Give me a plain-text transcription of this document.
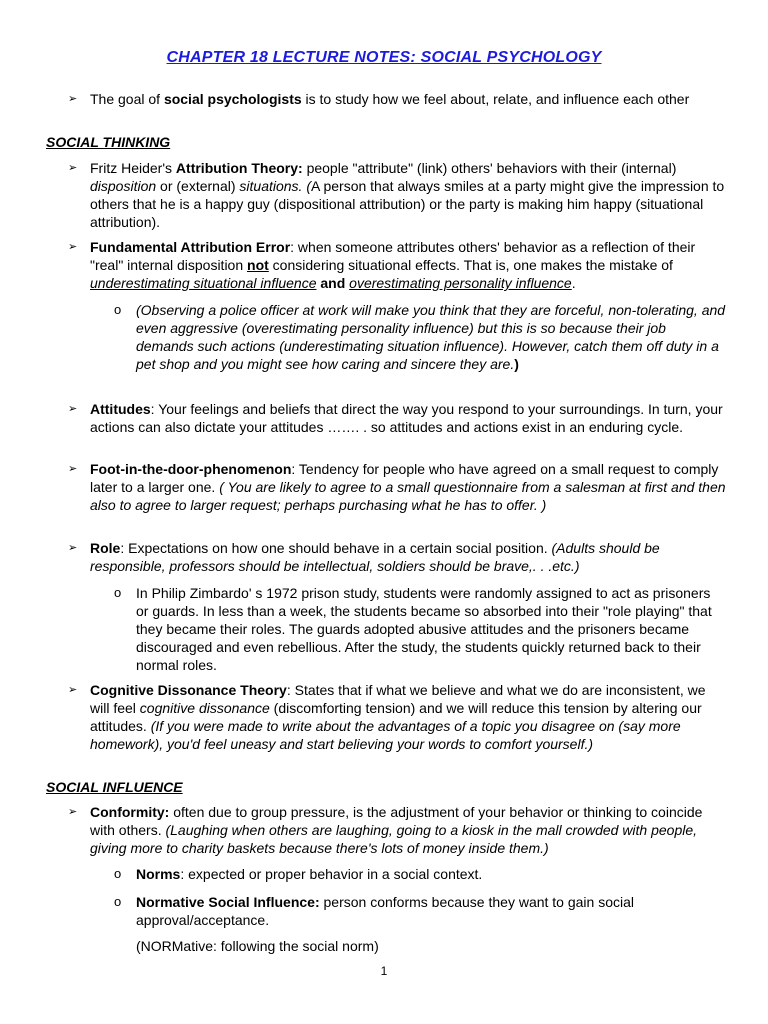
CHAPTER 18 LECTURE NOTES: SOCIAL PSYCHOLOGY
➢ The goal of social psychologists is to study how we feel about, relate, and influence each other
SOCIAL THINKING
➢ Fritz Heider's Attribution Theory: people "attribute" (link) others' behaviors with their (internal) disposition or (external) situations. (A person that always smiles at a party might give the impression to others that he is a happy guy (dispositional attribution) or the party is making him happy (situational attribution).
➢ Fundamental Attribution Error: when someone attributes others' behavior as a reflection of their "real" internal disposition not considering situational effects. That is, one makes the mistake of underestimating situational influence and overestimating personality influence.
o (Observing a police officer at work will make you think that they are forceful, non-tolerating, and even aggressive (overestimating personality influence) but this is so because their job demands such actions (underestimating situation influence). However, catch them off duty in a pet shop and you might see how caring and sincere they are.)
➢ Attitudes: Your feelings and beliefs that direct the way you respond to your surroundings. In turn, your actions can also dictate your attitudes ……. . so attitudes and actions exist in an enduring cycle.
➢ Foot-in-the-door-phenomenon: Tendency for people who have agreed on a small request to comply later to a larger one. ( You are likely to agree to a small questionnaire from a salesman at first and then also to agree to larger request; perhaps purchasing what he has to offer. )
➢ Role: Expectations on how one should behave in a certain social position. (Adults should be responsible, professors should be intellectual, soldiers should be brave,. . .etc.)
o In Philip Zimbardo' s 1972 prison study, students were randomly assigned to act as prisoners or guards. In less than a week, the students became so absorbed into their "role playing" that they became their roles. The guards adopted abusive attitudes and the prisoners became discouraged and even rebellious. After the study, the students quickly returned back to their normal roles.
➢ Cognitive Dissonance Theory: States that if what we believe and what we do are inconsistent, we will feel cognitive dissonance (discomforting tension) and we will reduce this tension by altering our attitudes. (If you were made to write about the advantages of a topic you disagree on (say more homework), you'd feel uneasy and start believing your words to comfort yourself.)
SOCIAL INFLUENCE
➢ Conformity: often due to group pressure, is the adjustment of your behavior or thinking to coincide with others. (Laughing when others are laughing, going to a kiosk in the mall crowded with people, giving more to charity baskets because there's lots of money inside them.)
o Norms: expected or proper behavior in a social context.
o Normative Social Influence: person conforms because they want to gain social approval/acceptance.
(NORMative: following the social norm)
1
